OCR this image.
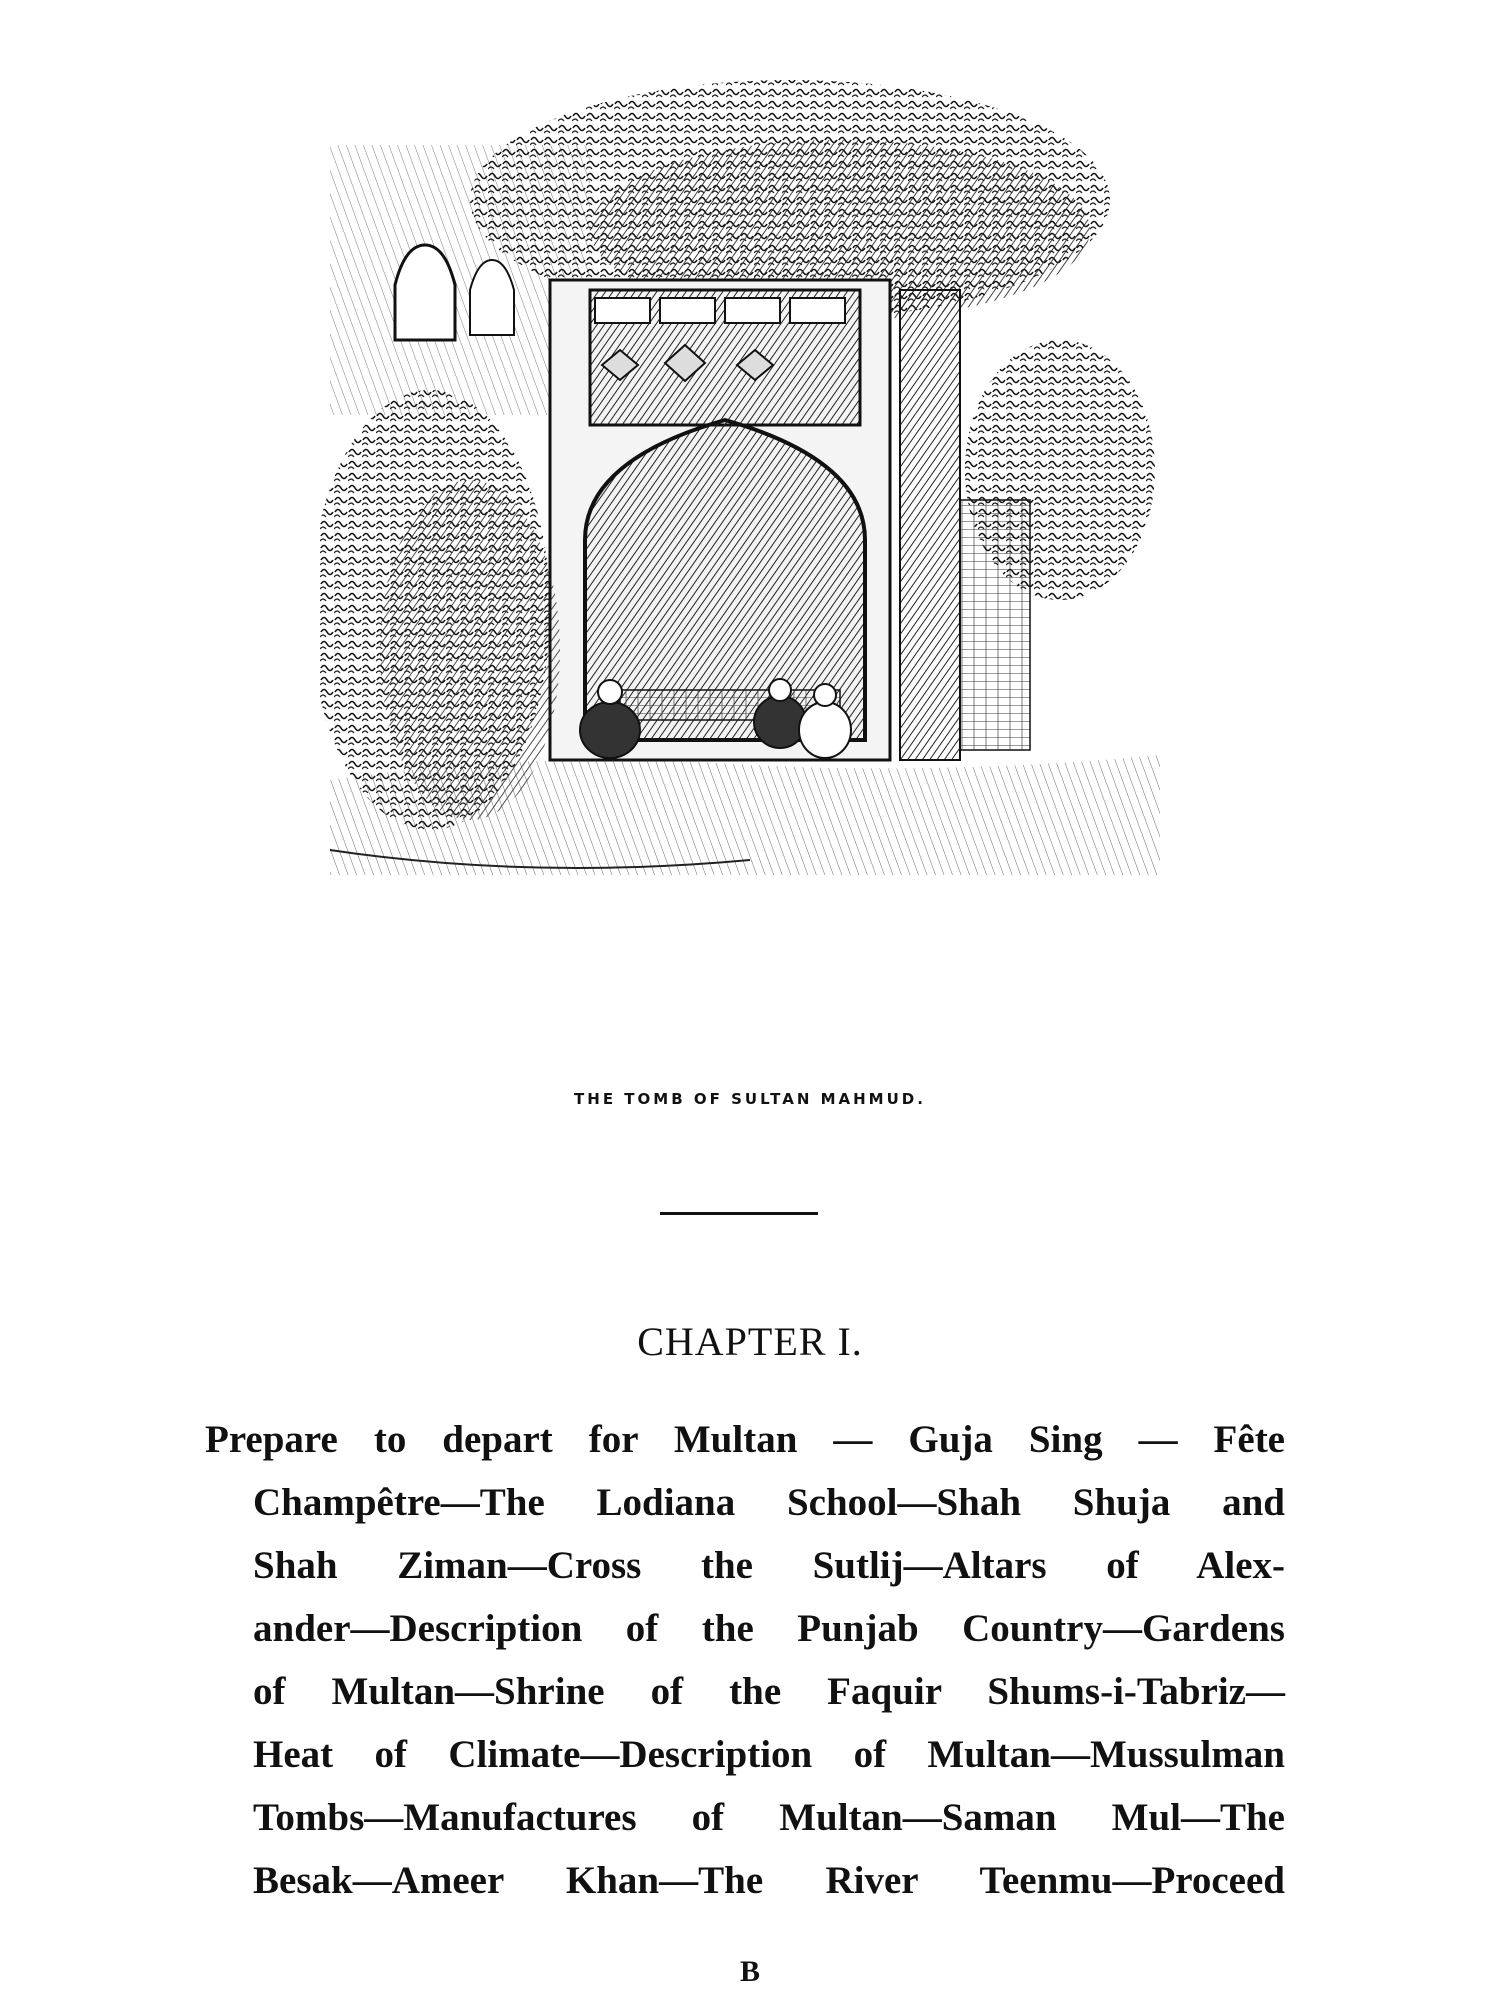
THE TOMB OF SULTAN MAHMUD.
CHAPTER I.
Prepare to depart for Multan — Guja Sing — Fête
Champêtre—The Lodiana School—Shah Shuja and
Shah Ziman—Cross the Sutlij—Altars of Alex-
ander—Description of the Punjab Country—Gardens
of Multan—Shrine of the Faquir Shums-i-Tabriz—
Heat of Climate—Description of Multan—Mussulman
Tombs—Manufactures of Multan—Saman Mul—The
Besak—Ameer Khan—The River Teenmu—Proceed
B
